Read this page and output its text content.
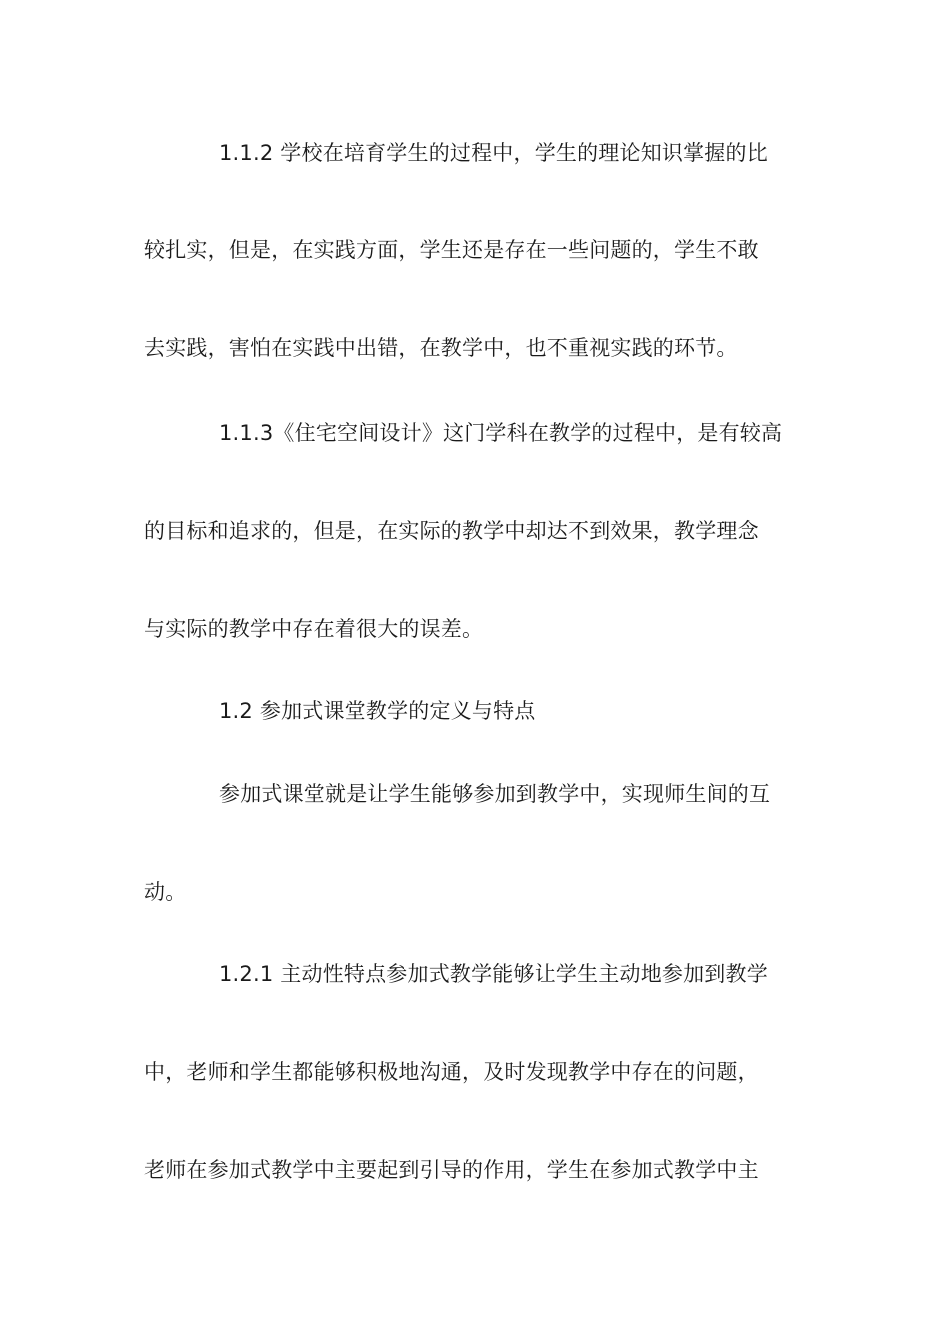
1.1.2 学校在培育学生的过程中，学生的理论知识掌握的比
较扎实，但是，在实践方面，学生还是存在一些问题的，学生不敢
去实践，害怕在实践中出错，在教学中，也不重视实践的环节。
1.1.3《住宅空间设计》这门学科在教学的过程中，是有较高
的目标和追求的，但是，在实际的教学中却达不到效果，教学理念
与实际的教学中存在着很大的误差。
1.2 参加式课堂教学的定义与特点
参加式课堂就是让学生能够参加到教学中，实现师生间的互
动。
1.2.1 主动性特点参加式教学能够让学生主动地参加到教学
中，老师和学生都能够积极地沟通，及时发现教学中存在的问题，
老师在参加式教学中主要起到引导的作用，学生在参加式教学中主
